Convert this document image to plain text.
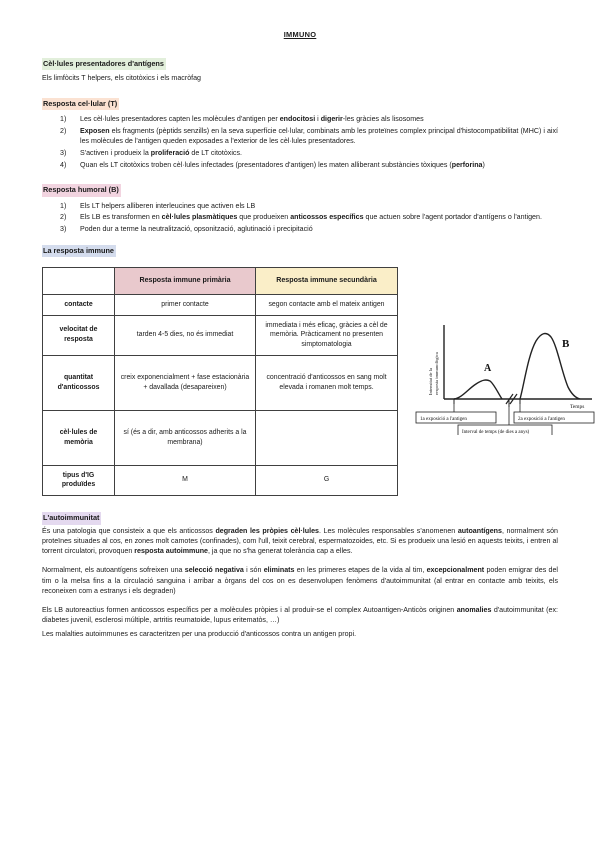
IMMUNO
Cèl·lules presentadores d'antígens
Els limfòcits T helpers, els citotòxics i els macròfag
Resposta cel·lular (T)
Les cèl·lules presentadores capten les molècules d'antigen per endocitosi i digerir-les gràcies als lisosomes
Exposen els fragments (pèptids senzills) en la seva superfície cel·lular, combinats amb les proteïnes complex principal d'histocompatibilitat (MHC) i així les molècules de l'antigen queden exposades a l'exterior de les cèl·lules presentadores.
S'activen i produeix la proliferació de LT citotòxics.
Quan els LT citotòxics troben cèl·lules infectades (presentadores d'antigen) les maten alliberant substàncies tòxiques (perforina)
Resposta humoral (B)
Els LT helpers alliberen interleucines que activen els LB
Els LB es transformen en cèl·lules plasmàtiques que produeixen anticossos específics que actuen sobre l'agent portador d'antígens o l'antigen.
Poden dur a terme la neutralització, opsonització, aglutinació i precipitació
La resposta immune
	Resposta immune primària	Resposta immune secundària
contacte	primer contacte	segon contacte amb el mateix antigen
velocitat de resposta	tarden 4-5 dies, no és immediat	immediata i més eficaç, gràcies a cèl de memòria. Pràcticament no presenten simptomatologia
quantitat d'anticossos	creix exponencialment + fase estacionària + davallada (desapareixen)	concentració d'anticossos en sang molt elevada i romanen molt temps.
cèl·lules de memòria	sí (és a dir, amb anticossos adherits a la membrana)	
tipus d'IG produïdes	M	G
A
B
Temps
Intensitat de laresposta immunològica
1a exposició a l'antigen	2a exposició a l'antigen
Interval de temps (de dies a anys)
L'autoimmunitat

És una patologia que consisteix a que els anticossos degraden les pròpies cèl·lules. Les molècules responsables s'anomenen autoantígens, normalment són proteïnes situades al cos, en zones molt camotes (confinades), com l'ull, teixit cerebral, espermatozoides, etc. Si es produeix una lesió en aquests teixits, i entren al torrent circulatori, provoquen resposta autoimmune, ja que no s'ha generat tolerància cap a elles.

Normalment, els autoantígens sofreixen una selecció negativa i són eliminats en les primeres etapes de la vida al tim, excepcionalment poden emigrar des del tim o la melsa fins a la circulació sanguina i arribar a òrgans del cos on es desenvolupen fenòmens d'autoimmunitat (al entrar en contacte amb teixits, els reconeixen com a estranys i els degraden)

Els LB autoreactius formen anticossos específics per a molècules pròpies i al produir-se el complex Autoantigen-Anticòs originen anomalies d'autoimmunitat (ex: diabetes juvenil, esclerosi múltiple, artritis reumatoide, lupus eritematòs, …)

Les malalties autoimmunes es caracteritzen per una producció d'anticossos contra un antigen propi.
